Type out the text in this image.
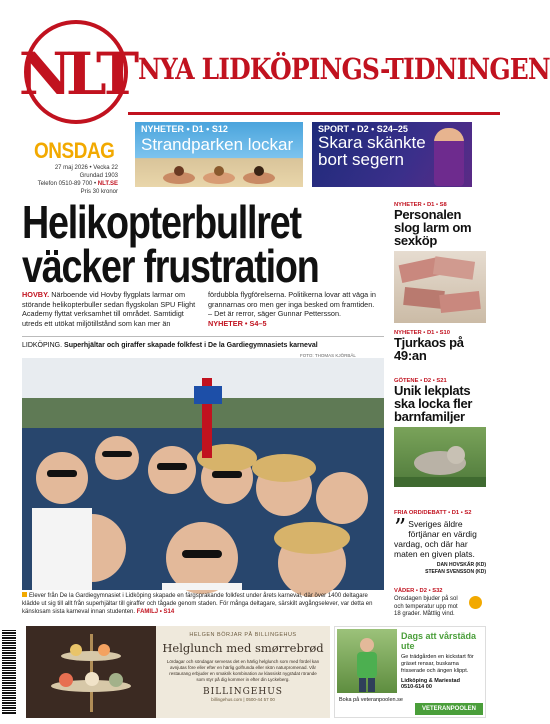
NLT NYA LIDKÖPINGS-TIDNINGEN
ONSDAG
27 maj 2026 • Vecka 22
Grundad 1903
Telefon 0510-89 700 • NLT.SE
Pris 30 kronor
NYHETER • D1 • S12
Strandparken lockar
SPORT • D2 • S24–25
Skara skänkte bort segern
Helikopterbullret
väcker frustration
HOVBY. Närboende vid Hovby flygplats larmar om störande helikopterbuller sedan flygskolan SPU Flight Academy flyttat verksamhet till området. Samtidigt utreds ett utökat miljötillstånd som kan mer än
fördubbla flygförelserna. Politikerna lovar att väga in grannarnas oro men ger inga besked om framtiden.
– Det är rerror, säger Gunnar Pettersson.
NYHETER • S4–5
LIDKÖPING. Superhjältar och giraffer skapade folkfest i De la Gardiegymnasiets karneval
FOTO: THOMAS KJÖRBÄL
Elever från De la Gardiegymnasiet i Lidköping skapade en färgsprakande folkfest under årets karneval, där över 1400 deltagare klädde ut sig till allt från superhjältar till giraffer och tågade genom staden. För många deltagare, särskilt avgångselever, var detta en känslosam sista karneval innan studenten. FAMILJ • S14
NYHETER • D1 • S8
Personalen slog larm om sexköp
NYHETER • D1 • S10
Tjurkaos på 49:an
GÖTENE • D2 • S21
Unik lekplats ska locka fler barnfamiljer
FRIA ORD/DEBATT • D1 • S2
” Sveriges äldre förtjänar en värdig vardag, och där har maten en given plats.
DAN HOVSKÄR (KD)
STEFAN SVENSSON (KD)
VÄDER • D2 • S32
Onsdagen bjuder på sol och temperatur upp mot 18 grader. Måttlig vind.
HELGEN BÖRJAR PÅ BILLINGEHUS
Helglunch med smørrebrød
Lördagar och söndagar serveras det en härlig helglunch som med fördel kan avnjutas före eller efter en härlig golfrunda eller skön naturpromenad. Vår restaurang erbjuder en smakrik kombination av klassiskt nygrädat rörande som styr på dig kommer in efter din Lyckeberg.
BILLINGEHUS
billingehus.com | 0500-44 57 00
Dags att vårstäda ute
Ge trädgården en kickstart för gräset rensar, buskarna frisserade och ängen klippt.
Lidköping & Mariestad
0510-614 00
Boka på veteranpoolen.se
VETERANPOOLEN
